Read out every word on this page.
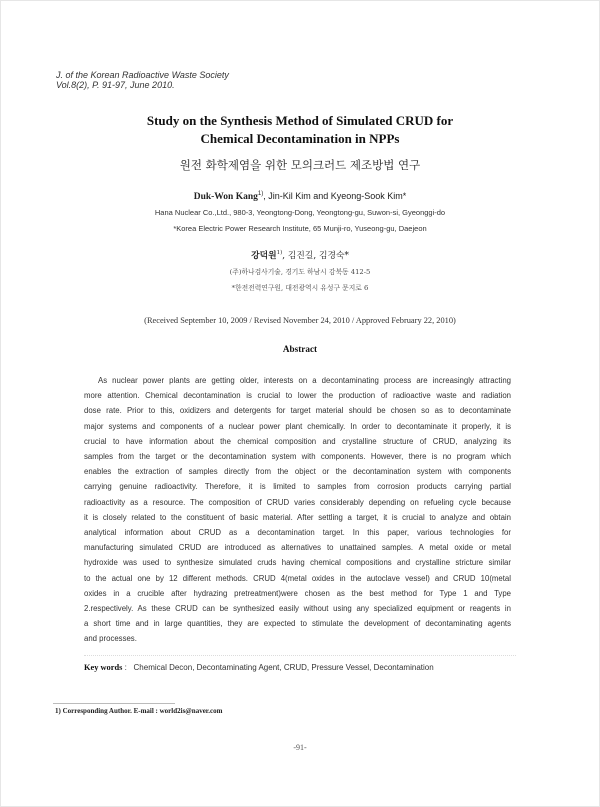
J. of the Korean Radioactive Waste Society
Vol.8(2), P. 91-97, June 2010.
Study on the Synthesis Method of Simulated CRUD for
Chemical Decontamination in NPPs
원전 화학제염을 위한 모의크러드 제조방법 연구
Duk-Won Kang$^{1)}$, Jin-Kil Kim and Kyeong-Sook Kim*
Hana Nuclear Co.,Ltd., 980-3, Yeongtong-Dong, Yeongtong-gu, Suwon-si, Gyeonggi-do
*Korea Electric Power Research Institute, 65 Munji-ro, Yuseong-gu, Daejeon
강덕원$^{1)}$, 김진길, 김경숙*
(주)하나검사기술, 경기도 하남시 감북동 412-5
*한전전력연구원, 대전광역시 유성구 문지로 6
(Received September 10, 2009 / Revised November 24, 2010 / Approved February 22, 2010)
Abstract
As nuclear power plants are getting older, interests on a decontaminating process are increasingly attracting
more attention. Chemical decontamination is crucial to lower the production of radioactive waste and radiation
dose rate. Prior to this, oxidizers and detergents for target material should be chosen so as to decontaminate
major systems and components of a nuclear power plant chemically. In order to decontaminate it properly, it is
crucial to have information about the chemical composition and crystalline structure of CRUD, analyzing its
samples from the target or the decontamination system with components. However, there is no program which
enables the extraction of samples directly from the object or the decontamination system with components
carrying genuine radioactivity. Therefore, it is limited to samples from corrosion products carrying partial
radioactivity as a resource. The composition of CRUD varies considerably depending on refueling cycle because
it is closely related to the constituent of basic material. After settling a target, it is crucial to analyze and obtain
analytical information about CRUD as a decontamination target. In this paper, various technologies for
manufacturing simulated CRUD are introduced as alternatives to unattained samples. A metal oxide or metal
hydroxide was used to synthesize simulated cruds having chemical compositions and crystalline stricture similar
to the actual one by 12 different methods. CRUD 4(metal oxides in the autoclave vessel) and CRUD 10(metal
oxides in a crucible after hydrazing pretreatment)were chosen as the best method for Type 1 and Type
2.respectively. As these CRUD can be synthesized easily without using any specialized equipment or reagents in
a short time and in large quantities, they are expected to stimulate the development of decontaminating agents
and processes.
Key words : Chemical Decon, Decontaminating Agent, CRUD, Pressure Vessel, Decontamination
1) Corresponding Author. E-mail : world2is@naver.com
-91-
